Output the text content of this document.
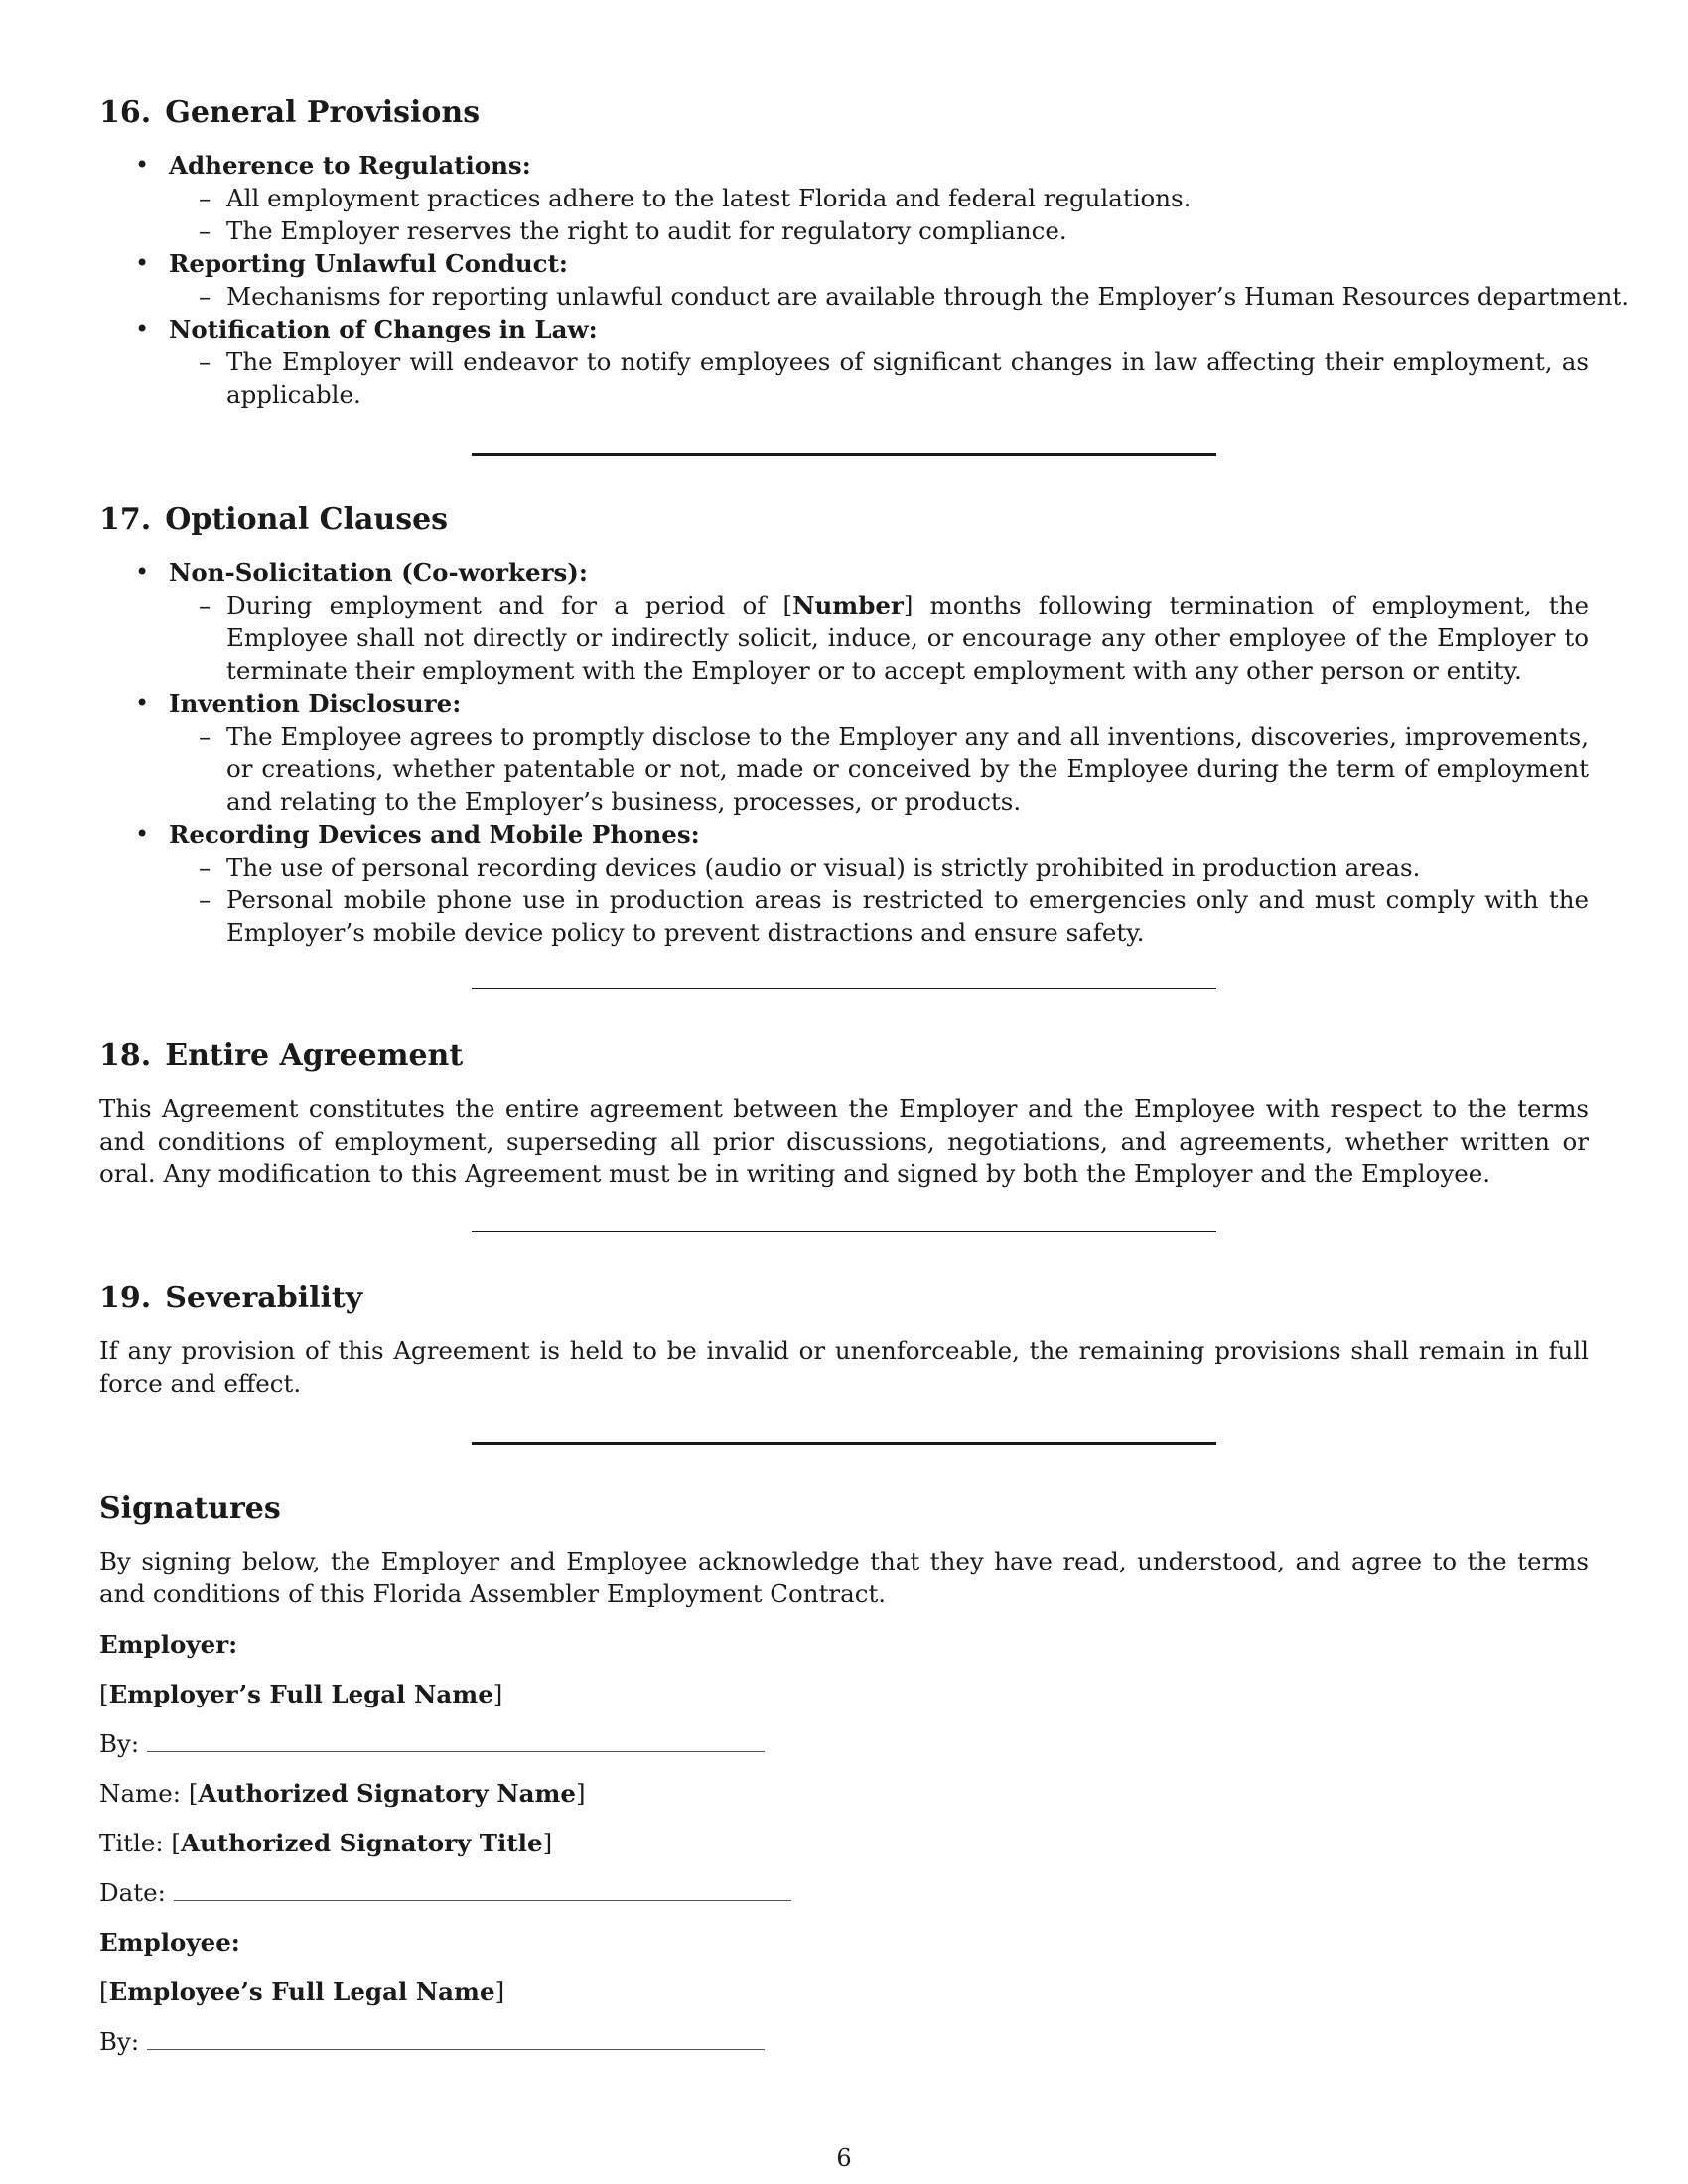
16. General Provisions
• Adherence to Regulations:
– All employment practices adhere to the latest Florida and federal regulations.
– The Employer reserves the right to audit for regulatory compliance.
• Reporting Unlawful Conduct:
– Mechanisms for reporting unlawful conduct are available through the Employer’s Human Resources department.
• Notification of Changes in Law:
– The Employer will endeavor to notify employees of significant changes in law affecting their employment, as applicable.
17. Optional Clauses
• Non-Solicitation (Co-workers):
– During employment and for a period of [Number] months following termination of employment, the Employee shall not directly or indirectly solicit, induce, or encourage any other employee of the Employer to terminate their employment with the Employer or to accept employment with any other person or entity.
• Invention Disclosure:
– The Employee agrees to promptly disclose to the Employer any and all inventions, discoveries, improvements, or creations, whether patentable or not, made or conceived by the Employee during the term of employment and relating to the Employer’s business, processes, or products.
• Recording Devices and Mobile Phones:
– The use of personal recording devices (audio or visual) is strictly prohibited in production areas.
– Personal mobile phone use in production areas is restricted to emergencies only and must comply with the Employer’s mobile device policy to prevent distractions and ensure safety.
18. Entire Agreement
This Agreement constitutes the entire agreement between the Employer and the Employee with respect to the terms and conditions of employment, superseding all prior discussions, negotiations, and agreements, whether written or oral. Any modification to this Agreement must be in writing and signed by both the Employer and the Employee.
19. Severability
If any provision of this Agreement is held to be invalid or unenforceable, the remaining provisions shall remain in full force and effect.
Signatures
By signing below, the Employer and Employee acknowledge that they have read, understood, and agree to the terms and conditions of this Florida Assembler Employment Contract.
Employer:
[Employer’s Full Legal Name]
By:
Name: [Authorized Signatory Name]
Title: [Authorized Signatory Title]
Date:
Employee:
[Employee’s Full Legal Name]
By:
6
